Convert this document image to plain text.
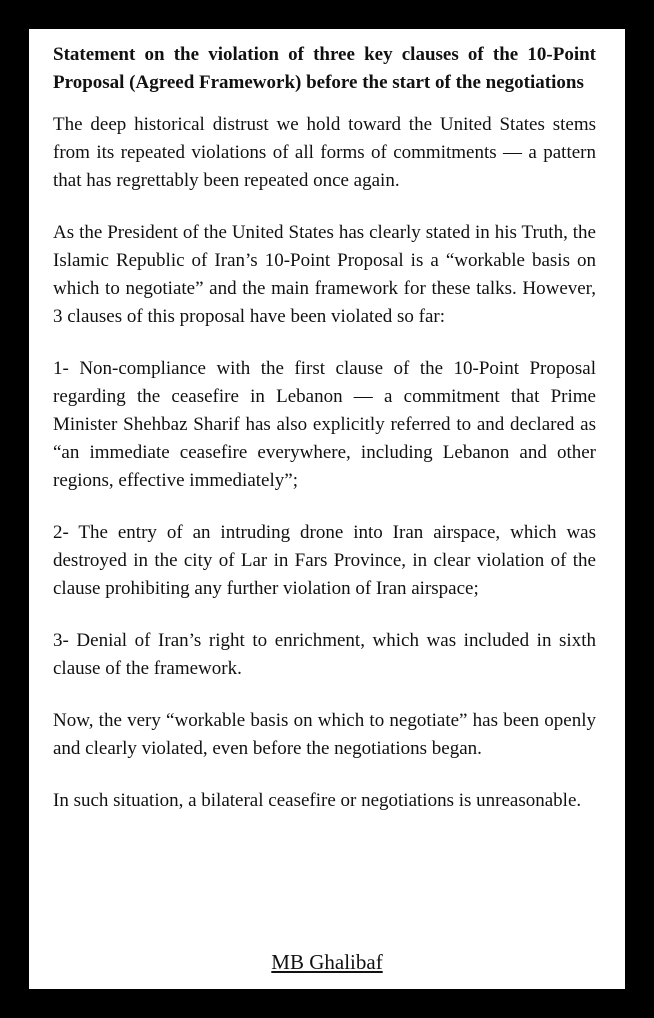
Statement on the violation of three key clauses of the 10-Point Proposal (Agreed Framework) before the start of the negotiations

The deep historical distrust we hold toward the United States stems from its repeated violations of all forms of commitments — a pattern that has regrettably been repeated once again.

As the President of the United States has clearly stated in his Truth, the Islamic Republic of Iran’s 10-Point Proposal is a “workable basis on which to negotiate” and the main framework for these talks. However, 3 clauses of this proposal have been violated so far:

1- Non-compliance with the first clause of the 10-Point Proposal regarding the ceasefire in Lebanon — a commitment that Prime Minister Shehbaz Sharif has also explicitly referred to and declared as “an immediate ceasefire everywhere, including Lebanon and other regions, effective immediately”;

2- The entry of an intruding drone into Iran airspace, which was destroyed in the city of Lar in Fars Province, in clear violation of the clause prohibiting any further violation of Iran airspace;

3- Denial of Iran’s right to enrichment, which was included in sixth clause of the framework.

Now, the very “workable basis on which to negotiate” has been openly and clearly violated, even before the negotiations began.

In such situation, a bilateral ceasefire or negotiations is unreasonable.

MB Ghalibaf
